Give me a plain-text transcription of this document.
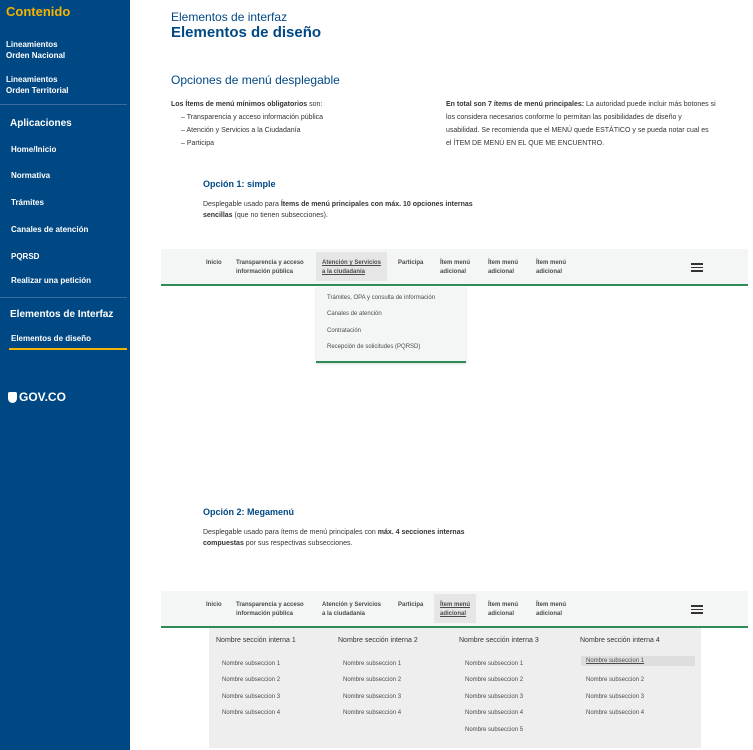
Contenido
Lineamientos
Orden Nacional
Lineamientos
Orden Territorial
Aplicaciones
Home/Inicio
Normativa
Trámites
Canales de atención
PQRSD
Realizar una petición
Elementos de Interfaz
Elementos de diseño
GOV.CO
Elementos de interfaz
Elementos de diseño
Opciones de menú desplegable
Los Ítems de menú mínimos obligatorios son:
– Transparencia y acceso información pública
– Atención y Servicios a la Ciudadanía
– Participa
En total son 7 ítems de menú principales: La autoridad puede incluir más botones si los considera necesarios conforme lo permitan las posibilidades de diseño y usabilidad. Se recomienda que el MENÚ quede ESTÁTICO y se pueda notar cual es el ÍTEM DE MENÚ EN EL QUE ME ENCUENTRO.
Opción 1: simple
Desplegable usado para Ítems de menú principales con máx. 10 opciones internas sencillas (que no tienen subsecciones).
Inicio Transparencia y acceso
información pública
Atención y Servicios
a la ciudadanía
Participa	Ítem menú
adicional
Ítem menú
adicional
Ítem menú
adicional
Trámites, OPA y consulta de información
Canales de atención
Contratación
Recepción de solicitudes (PQRSD)
Opción 2: Megamenú
Desplegable usado para ítems de menú principales con máx. 4 secciones internas compuestas por sus respectivas subsecciones.
Inicio Transparencia y acceso
información pública
Atención y Servicios
a la ciudadanía
Participa	Ítem menú
adicional
Ítem menú
adicional
Ítem menú
adicional
Nombre sección interna 1
Nombre subseccion 1
Nombre subseccion 2
Nombre subseccion 3
Nombre subseccion 4
Nombre sección interna 2
Nombre subseccion 1
Nombre subseccion 2
Nombre subseccion 3
Nombre subseccion 4
Nombre sección interna 3
Nombre subseccion 1
Nombre subseccion 2
Nombre subseccion 3
Nombre subseccion 4
Nombre subseccion 5
Nombre sección interna 4
Nombre subseccion 1
Nombre subseccion 2
Nombre subseccion 3
Nombre subseccion 4
